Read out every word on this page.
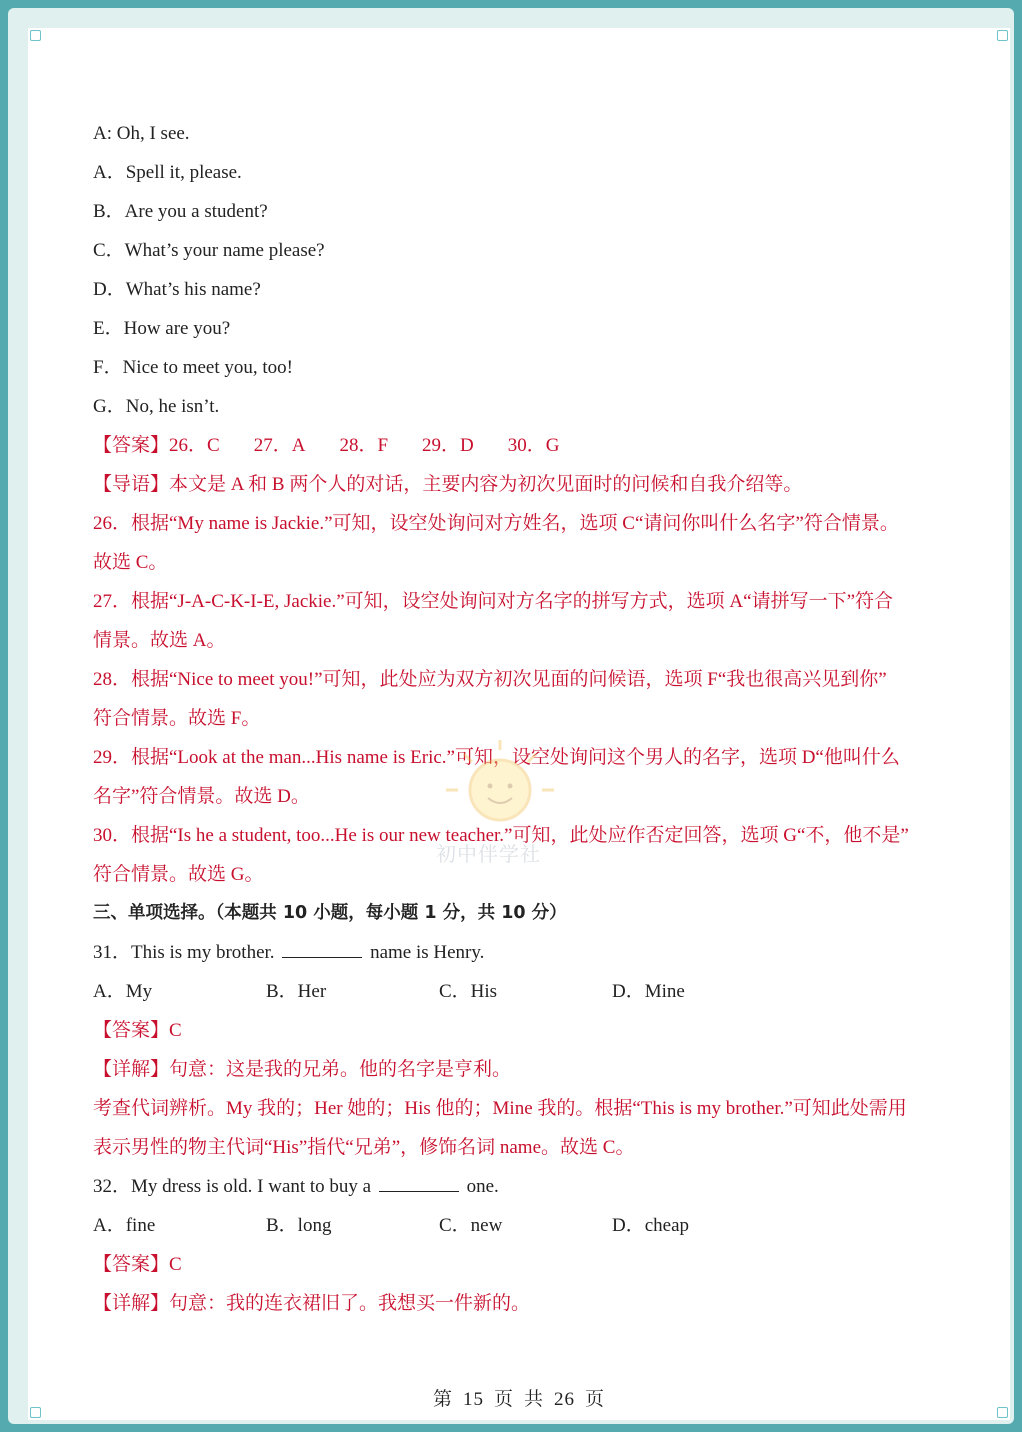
A: Oh, I see.
A．Spell it, please.
B．Are you a student?
C．What’s your name please?
D．What’s his name?
E．How are you?
F．Nice to meet you, too!
G．No, he isn’t.
【答案】26．C 27．A 28．F 29．D 30．G
【导语】本文是 A 和 B 两个人的对话，主要内容为初次见面时的问候和自我介绍等。
26．根据“My name is Jackie.”可知，设空处询问对方姓名，选项 C“请问你叫什么名字”符合情景。
故选 C。
27．根据“J-A-C-K-I-E, Jackie.”可知，设空处询问对方名字的拼写方式，选项 A“请拼写一下”符合
情景。故选 A。
28．根据“Nice to meet you!”可知，此处应为双方初次见面的问候语，选项 F“我也很高兴见到你”
符合情景。故选 F。
29．根据“Look at the man...His name is Eric.”可知，设空处询问这个男人的名字，选项 D“他叫什么
名字”符合情景。故选 D。
30．根据“Is he a student, too...He is our new teacher.”可知，此处应作否定回答，选项 G“不，他不是”
符合情景。故选 G。
三、单项选择。（本题共 10 小题，每小题 1 分，共 10 分）
31．This is my brother.	name is Henry.
A．My	B．Her	C．His	D．Mine
【答案】C
【详解】句意：这是我的兄弟。他的名字是亨利。
考查代词辨析。My 我的；Her 她的；His 他的；Mine 我的。根据“This is my brother.”可知此处需用
表示男性的物主代词“His”指代“兄弟”，修饰名词 name。故选 C。
32．My dress is old. I want to buy a	one.
A．fine	B．long	C．new	D．cheap
【答案】C
【详解】句意：我的连衣裙旧了。我想买一件新的。
初中伴学社
第 15 页 共 26 页
